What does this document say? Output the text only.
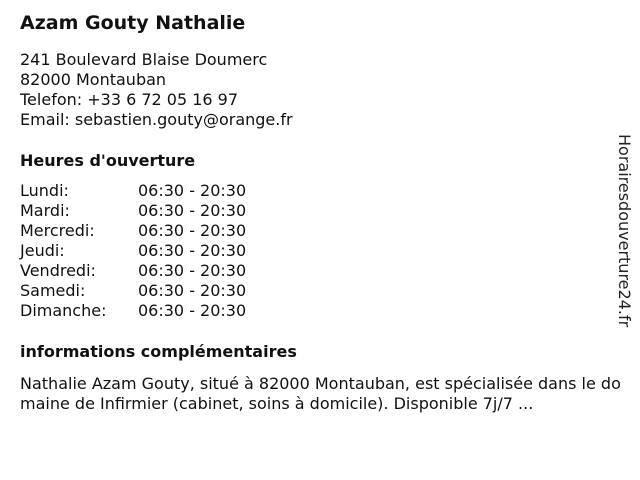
Azam Gouty Nathalie
241 Boulevard Blaise Doumerc
82000 Montauban
Telefon: +33 6 72 05 16 97
Email: sebastien.gouty@orange.fr
Heures d'ouverture
Lundi:	06:30 - 20:30
Mardi:	06:30 - 20:30
Mercredi:	06:30 - 20:30
Jeudi:	06:30 - 20:30
Vendredi:	06:30 - 20:30
Samedi:	06:30 - 20:30
Dimanche:	06:30 - 20:30
informations complémentaires
Nathalie Azam Gouty, situé à 82000 Montauban, est spécialisée dans le domaine de Infirmier (cabinet, soins à domicile). Disponible 7j/7 ...
Horairesdouverture24.fr
